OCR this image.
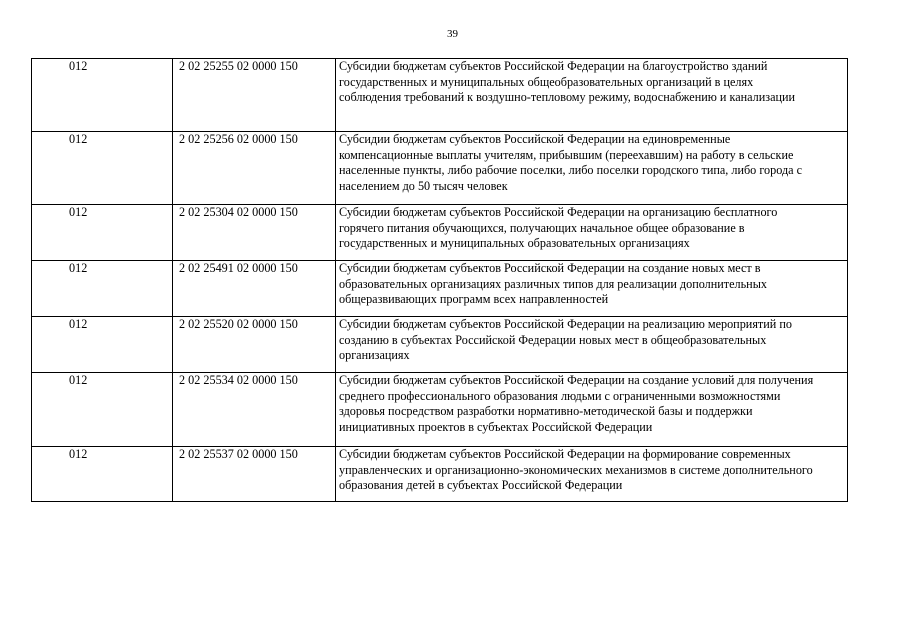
39
012	2 02 25255 02 0000 150	Субсидии бюджетам субъектов Российской Федерации на благоустройство зданий
государственных и муниципальных общеобразовательных организаций в целях
соблюдения требований к воздушно-тепловому режиму, водоснабжению и канализации

012	2 02 25256 02 0000 150	Субсидии бюджетам субъектов Российской Федерации на единовременные
компенсационные выплаты учителям, прибывшим (переехавшим) на работу в сельские
населенные пункты, либо рабочие поселки, либо поселки городского типа, либо города с
населением до 50 тысяч человек

012	2 02 25304 02 0000 150	Субсидии бюджетам субъектов Российской Федерации на организацию бесплатного
горячего питания обучающихся, получающих начальное общее образование в
государственных и муниципальных образовательных организациях

012	2 02 25491 02 0000 150	Субсидии бюджетам субъектов Российской Федерации на создание новых мест в
образовательных организациях различных типов для реализации дополнительных
общеразвивающих программ всех направленностей

012	2 02 25520 02 0000 150	Субсидии бюджетам субъектов Российской Федерации на реализацию мероприятий по
созданию в субъектах Российской Федерации новых мест в общеобразовательных
организациях

012	2 02 25534 02 0000 150	Субсидии бюджетам субъектов Российской Федерации на создание условий для получения
среднего профессионального образования людьми с ограниченными возможностями
здоровья посредством разработки нормативно-методической базы и поддержки
инициативных проектов в субъектах Российской Федерации

012	2 02 25537 02 0000 150	Субсидии бюджетам субъектов Российской Федерации на формирование современных
управленческих и организационно-экономических механизмов в системе дополнительного
образования детей в субъектах Российской Федерации
